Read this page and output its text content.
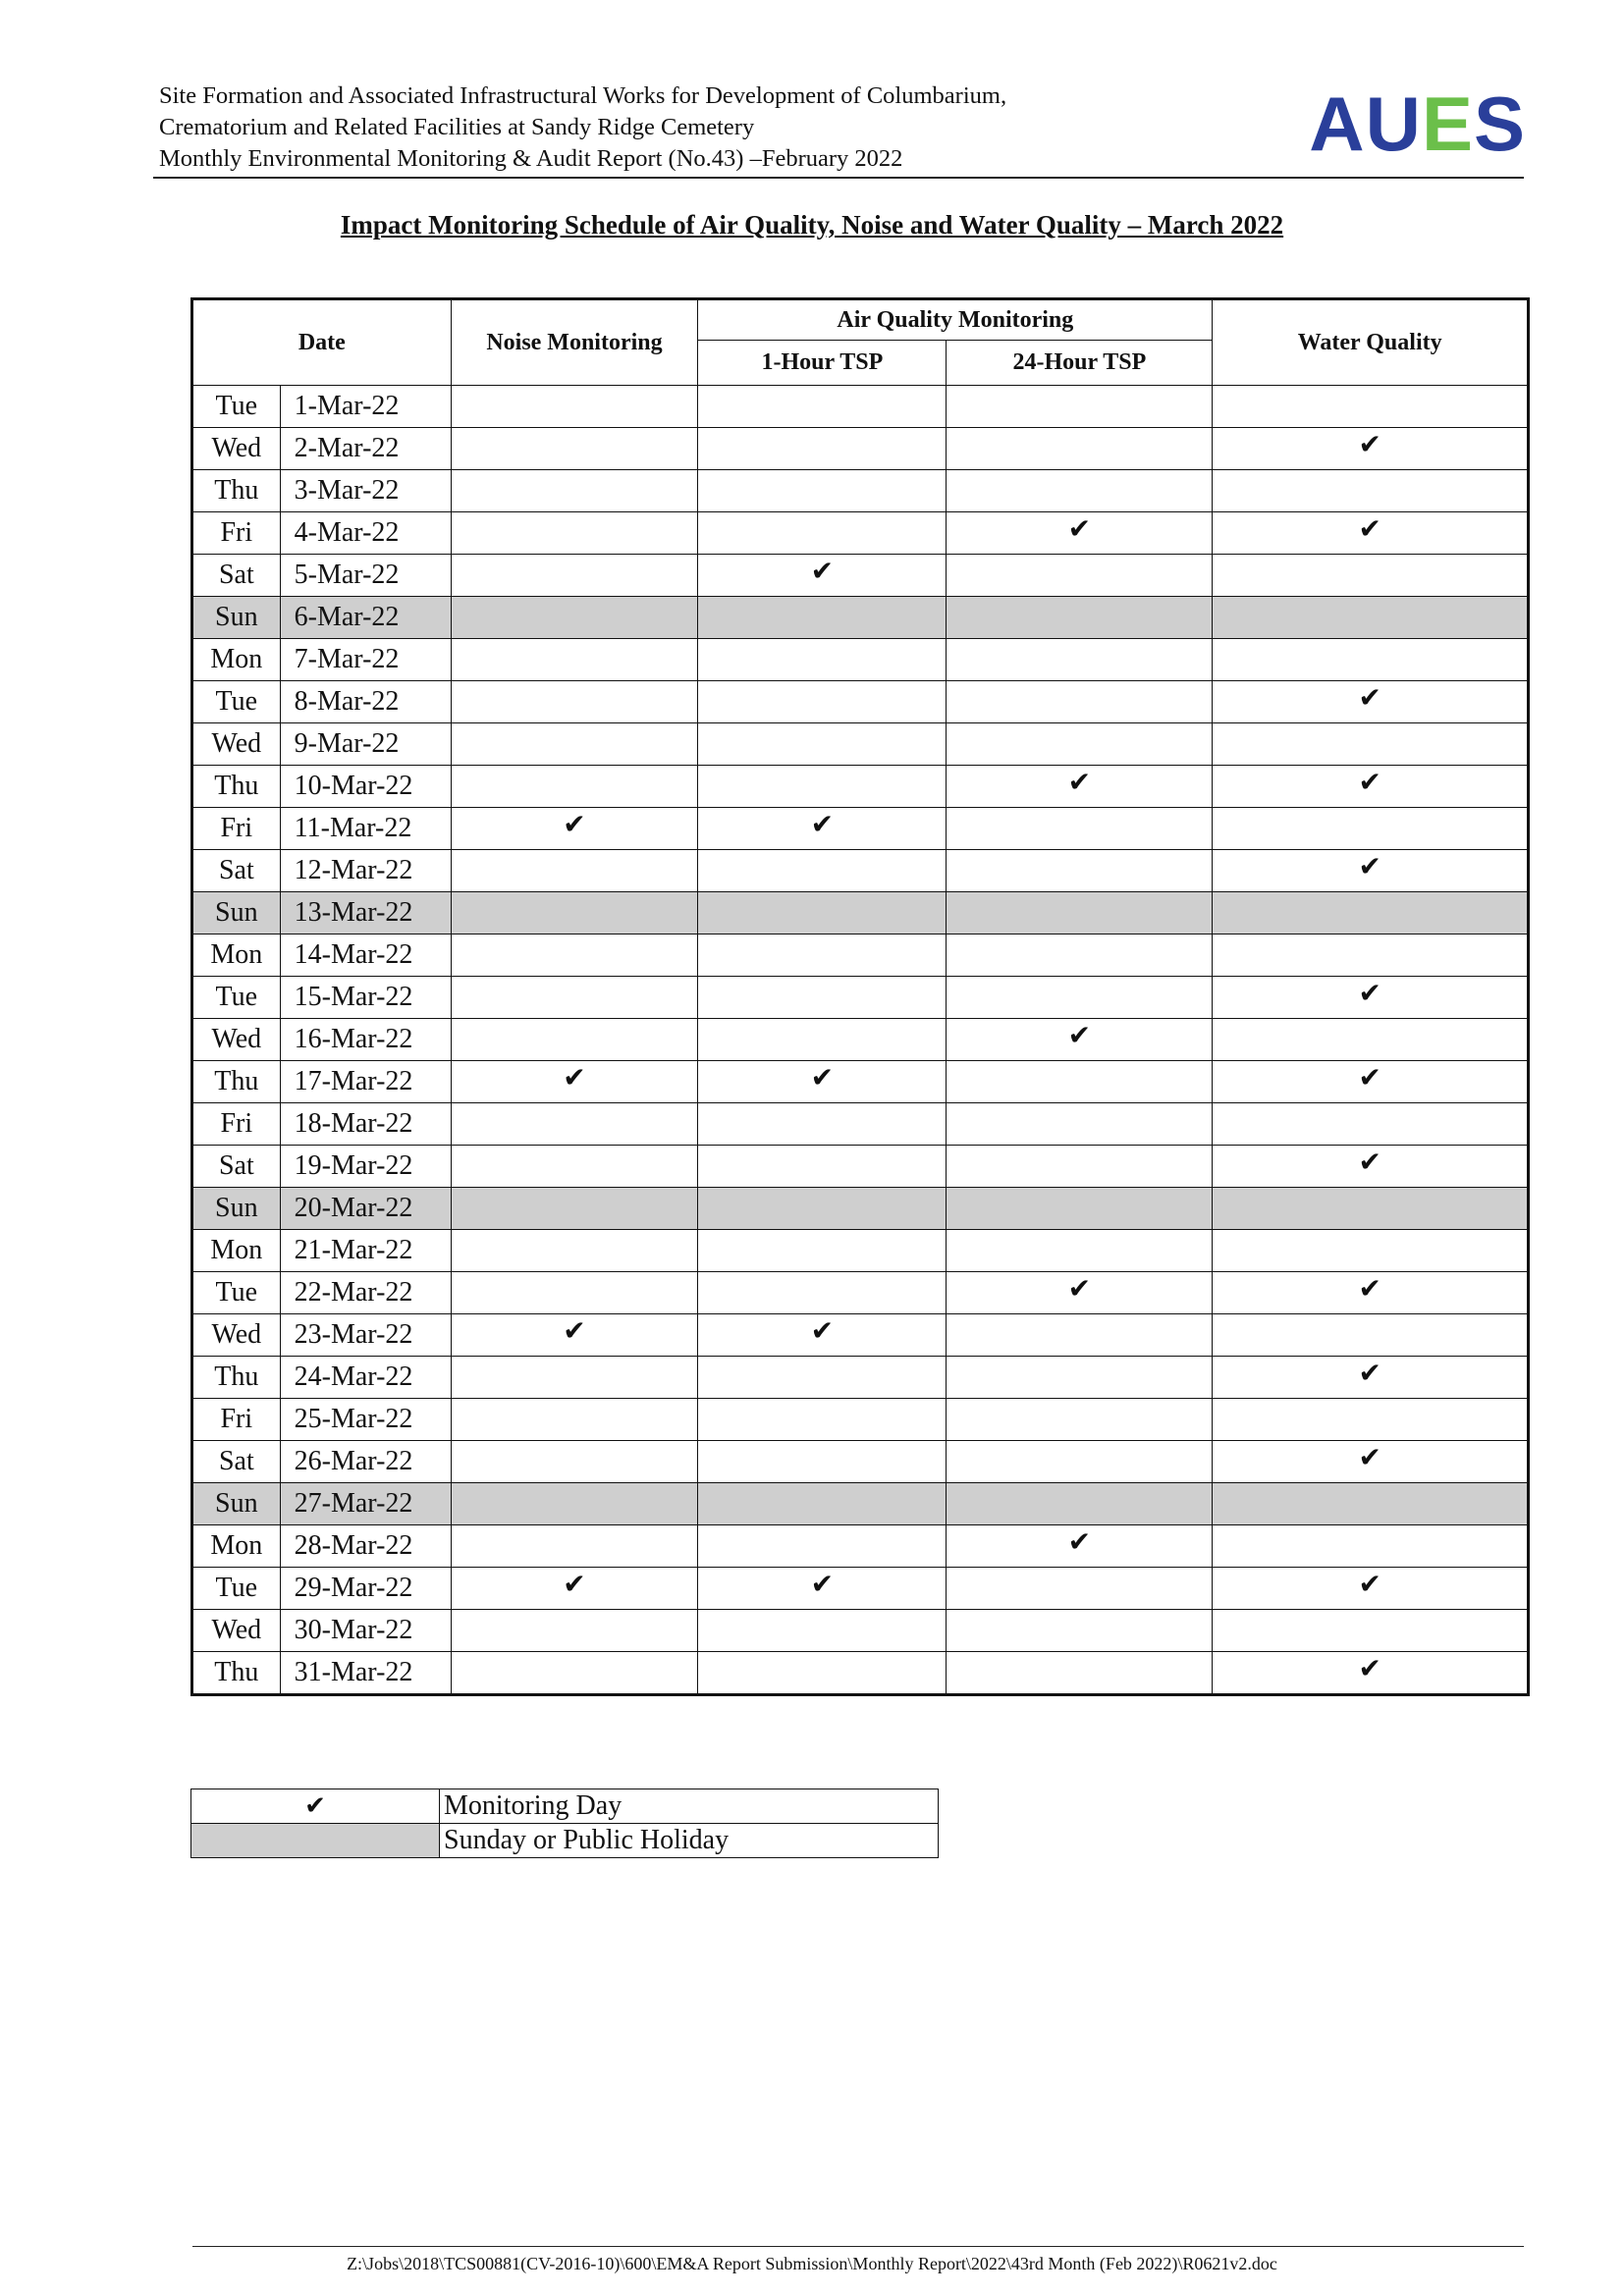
Site Formation and Associated Infrastructural Works for Development of Columbarium,
Crematorium and Related Facilities at Sandy Ridge Cemetery
Monthly Environmental Monitoring & Audit Report (No.43) –February 2022	AUES
Impact Monitoring Schedule of Air Quality, Noise and Water Quality – March 2022
Date		Noise Monitoring	Air Quality Monitoring		Water Quality
			1-Hour TSP	24-Hour TSP	
Tue	1-Mar-22				
Wed	2-Mar-22				✔
Thu	3-Mar-22				
Fri	4-Mar-22			✔	✔
Sat	5-Mar-22		✔		
Sun	6-Mar-22				
Mon	7-Mar-22				
Tue	8-Mar-22				✔
Wed	9-Mar-22				
Thu	10-Mar-22			✔	✔
Fri	11-Mar-22	✔	✔		
Sat	12-Mar-22				✔
Sun	13-Mar-22				
Mon	14-Mar-22				
Tue	15-Mar-22				✔
Wed	16-Mar-22			✔	
Thu	17-Mar-22	✔	✔		✔
Fri	18-Mar-22				
Sat	19-Mar-22				✔
Sun	20-Mar-22				
Mon	21-Mar-22				
Tue	22-Mar-22			✔	✔
Wed	23-Mar-22	✔	✔		
Thu	24-Mar-22				✔
Fri	25-Mar-22				
Sat	26-Mar-22				✔
Sun	27-Mar-22				
Mon	28-Mar-22			✔	
Tue	29-Mar-22	✔	✔		✔
Wed	30-Mar-22				
Thu	31-Mar-22				✔
✔	Monitoring Day
	Sunday or Public Holiday
Z:\Jobs\2018\TCS00881(CV-2016-10)\600\EM&A Report Submission\Monthly Report\2022\43rd Month (Feb 2022)\R0621v2.doc
